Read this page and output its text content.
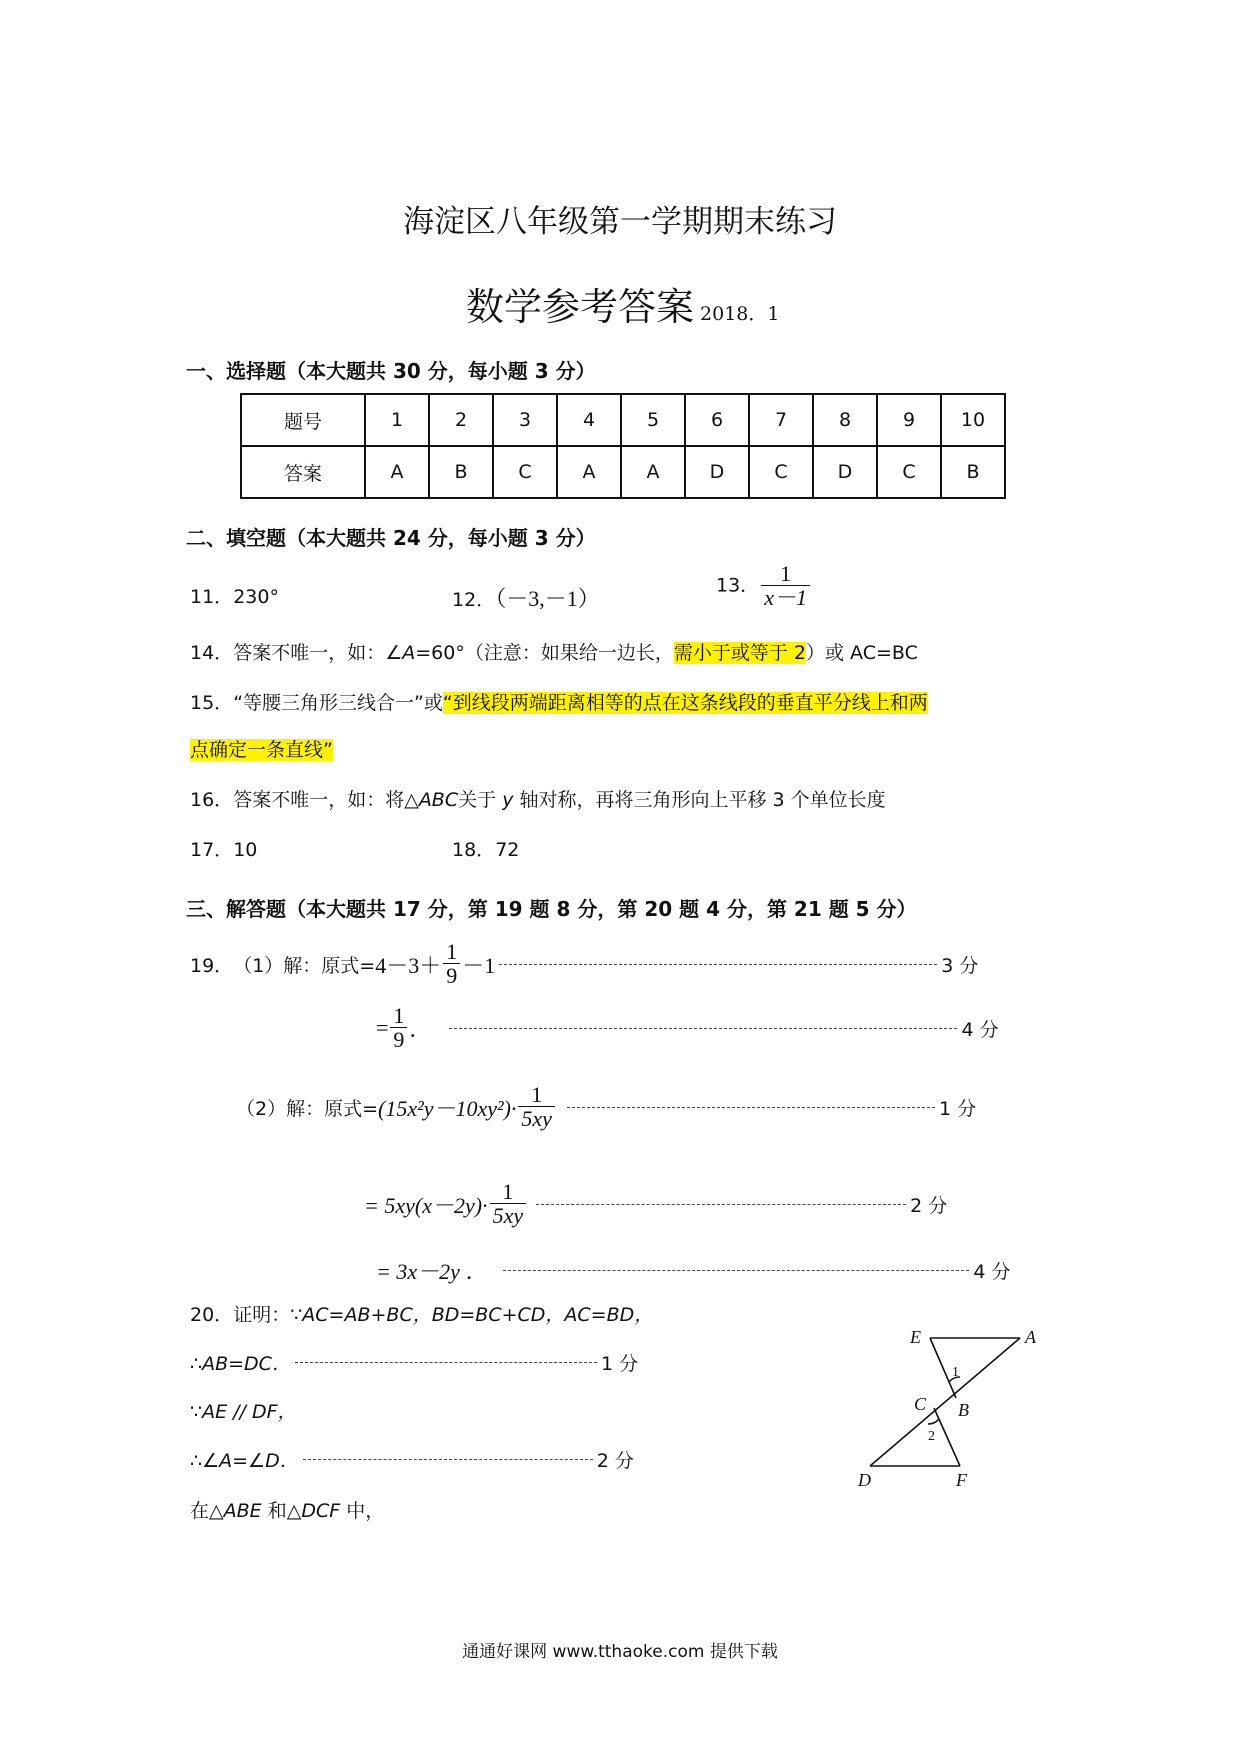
海淀区八年级第一学期期末练习
数学参考答案 2018．1
一、选择题（本大题共 30 分，每小题 3 分）
题号	1	2	3	4	5	6	7	8	9	10
答案	A	B	C	A	A	D	C	D	C	B
二、填空题（本大题共 24 分，每小题 3 分）
11．230°	12．（－3,－1）
13． $\frac{1}{x-1}$
14．答案不唯一，如：∠A=60°（注意：如果给一边长，需小于或等于 2）或 AC=BC
15．“等腰三角形三线合一”或“到线段两端距离相等的点在这条线段的垂直平分线上和两
点确定一条直线”
16．答案不唯一，如：将△ABC关于 y 轴对称，再将三角形向上平移 3 个单位长度
17．10	18．72
三、解答题（本大题共 17 分，第 19 题 8 分，第 20 题 4 分，第 21 题 5 分）
19． （1）解：原式= $4-3+ \frac{1}{9} -1$	3 分
= $\frac{1}{9}$ ．	4 分
（2）解：原式= $(15x^2y-10xy^2)\cdot \frac{1}{5xy}$	1 分
= $5xy(x-2y)\cdot \frac{1}{5xy}$	2 分
= 3x－2y ．	4 分
20．证明：∵AC=AB+BC，BD=BC+CD，AC=BD，
∴AB=DC．	1 分
∵AE // DF，
∴∠A=∠D．	2 分
在△ABE 和△DCF 中，
E	A
B
C
D	F
1
2
通通好课网 www.tthaoke.com 提供下载
